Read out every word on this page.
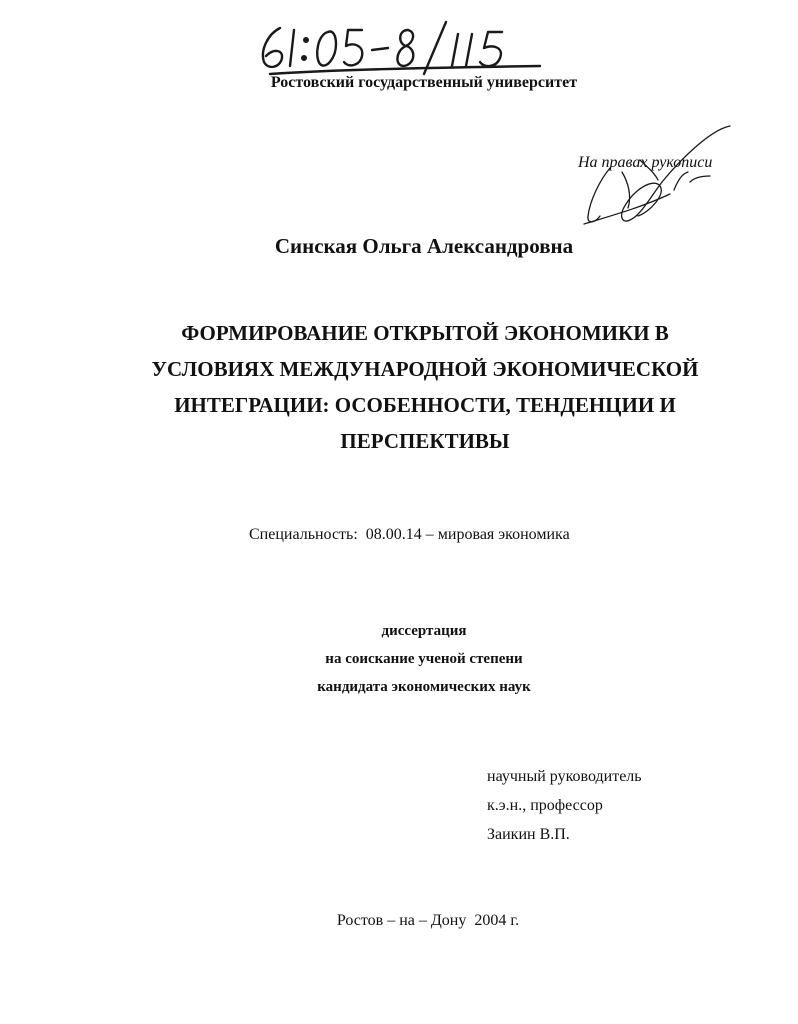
61:05-8/115
Ростовский государственный университет
На правах рукописи
Синская Ольга Александровна
ФОРМИРОВАНИЕ ОТКРЫТОЙ ЭКОНОМИКИ В
УСЛОВИЯХ МЕЖДУНАРОДНОЙ ЭКОНОМИЧЕСКОЙ
ИНТЕГРАЦИИ: ОСОБЕННОСТИ, ТЕНДЕНЦИИ И
ПЕРСПЕКТИВЫ
Специальность: 08.00.14 – мировая экономика
диссертация
на соискание ученой степени
кандидата экономических наук
научный руководитель
к.э.н., профессор
Заикин В.П.
Ростов – на – Дону 2004 г.
